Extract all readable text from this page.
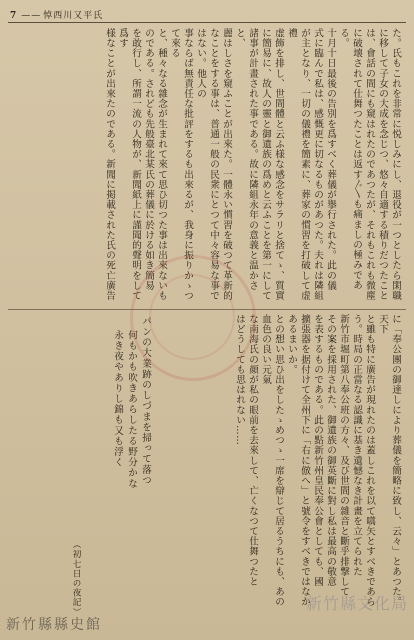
7 —— 悼西川又平氏

た。氏もこれを非常に悦しみにし、退役が一つとしたら閑職

に移して子女の大成を念じつ、悠々自適する積りだつたこと

は、會話の間にも窺はれたのであつたが、それもこれも微塵

に破壊されて仕舞つたことは返す〴〵も痛ましの極みである。

十月十日最後の告別を爲すべく葬儀が擧行された。此の儀

式に臨んで私は、感慨更に切なるものがあつた。夫れは隣組

が主となり、一切の儀禮を簡素に、葬家の慣習を打破して虚禮

虚飾を排し、世間體と云ふ様な感念をサラリと捨てゝ、質實

に簡易に、故人の靈と御遺族の爲めと云ふことを第一にして

諸事が計畫された事である。故に隣組永年の意義と温かさと、

麗はしさを窺ふことが出來た。一體永い慣習を破つて革新的

なことをする事は、普通一般の民衆にとつて中々容易な事ではない。他人の

事ならば無責任な批評をするも出來るが、我身に振りかゝつて來る

と、種々なる雜念が生まれて來て思ひ切つた事は出來ないも

のである。されども先般臺北某氏の葬儀に於ける如き簡易

を敢行し、所謂一流の人物が、新聞紙上に謹聞的聲明をして爲す

様なことが出來たのである。新聞に掲載された氏の死亡廣告

に「奉公團の御達しにより葬儀を簡略に致し、云々」とあつた。天下

と雖も特に廣告が現れたのは蓋しこれを以て嚆矢とすべきであら

う。時局の正當なる認識に基き遺憾なき計畫を立てられた

新竹市堀町第八奉公班の方々、及び世間の雜音と斷乎排撃して

その案を採用された、御遺族の御英斷に對し私は最高の敬意

を表するものである。此の點新竹州皇民奉公會としても、國

擴張器を据付けて全州下に「右に倣へ」と號令をすべきではなか

あるまいか。

との想い思ひ出をしたゝめつゝ一席を辯じて居るうちにも、あの血色の良い元氣

な南海氏の顔が私の眼前を去來して、亡くなつて仕舞つたと

はどうしても思はれない……

パンの大業跡のしづまを掃って落つ

何もかも吹きあらしたる野分かな

永き夜やありし錦も又も浮く

（初七日の夜記）	新竹縣文化局
新竹縣縣史館
